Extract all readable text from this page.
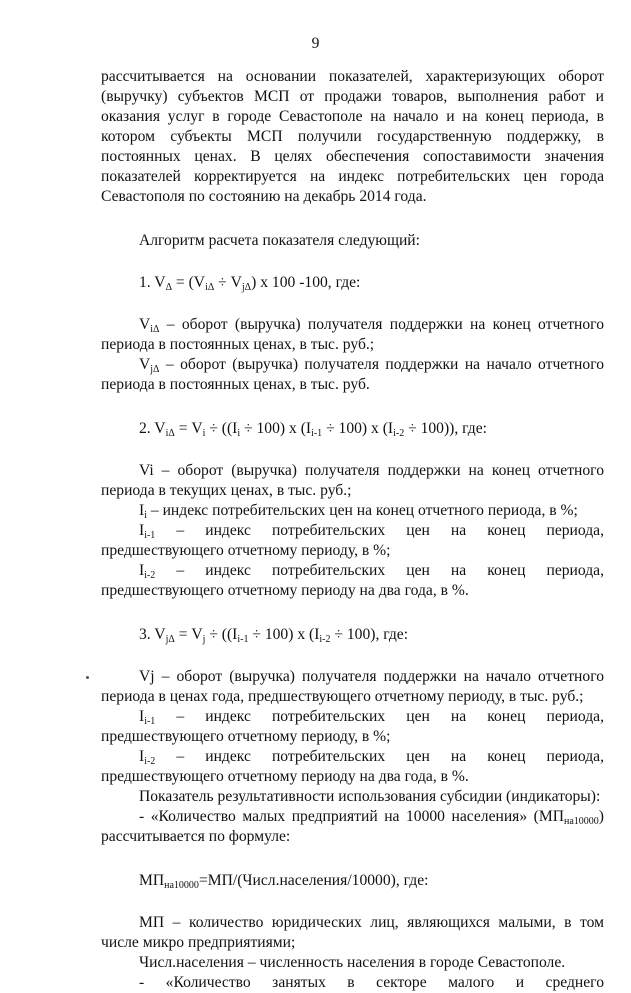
9

рассчитывается на основании показателей, характеризующих оборот (выручку) субъектов МСП от продажи товаров, выполнения работ и оказания услуг в городе Севастополе на начало и на конец периода, в котором субъекты МСП получили государственную поддержку, в постоянных ценах. В целях обеспечения сопоставимости значения показателей корректируется на индекс потребительских цен города Севастополя по состоянию на декабрь 2014 года.

Алгоритм расчета показателя следующий:

1. $V_\Delta = (V_{i\Delta} \div V_{j\Delta})$ x 100 -100, где:

$V_{i\Delta}$ – оборот (выручка) получателя поддержки на конец отчетного периода в постоянных ценах, в тыс. руб.;

$V_{j\Delta}$ – оборот (выручка) получателя поддержки на начало отчетного периода в постоянных ценах, в тыс. руб.

2. $V_{i\Delta} = V_i \div ((I_i \div 100)$ x $(I_{i-1} \div 100)$ x $(I_{i-2} \div 100)$), где:

Vi – оборот (выручка) получателя поддержки на конец отчетного периода в текущих ценах, в тыс. руб.;

$I_i$ – индекс потребительских цен на конец отчетного периода, в %;

$I_{i-1}$ – индекс потребительских цен на конец периода, предшествующего отчетному периоду, в %;

$I_{i-2}$ – индекс потребительских цен на конец периода, предшествующего отчетному периоду на два года, в %.

3. $V_{j\Delta} = V_j \div ((I_{i-1} \div 100)$ x $(I_{i-2} \div 100)$, где:

Vj – оборот (выручка) получателя поддержки на начало отчетного периода в ценах года, предшествующего отчетному периоду, в тыс. руб.;

$I_{i-1}$ – индекс потребительских цен на конец периода, предшествующего отчетному периоду, в %;

$I_{i-2}$ – индекс потребительских цен на конец периода, предшествующего отчетному периоду на два года, в %.

Показатель результативности использования субсидии (индикаторы):

- «Количество малых предприятий на 10000 населения» $(МП_{на10000})$ рассчитывается по формуле:

$МП_{на10000}=МП/(Числ.населения/10000)$, где:

МП – количество юридических лиц, являющихся малыми, в том числе микро предприятиями;

Числ.населения – численность населения в городе Севастополе.

- «Количество занятых в секторе малого и среднего
